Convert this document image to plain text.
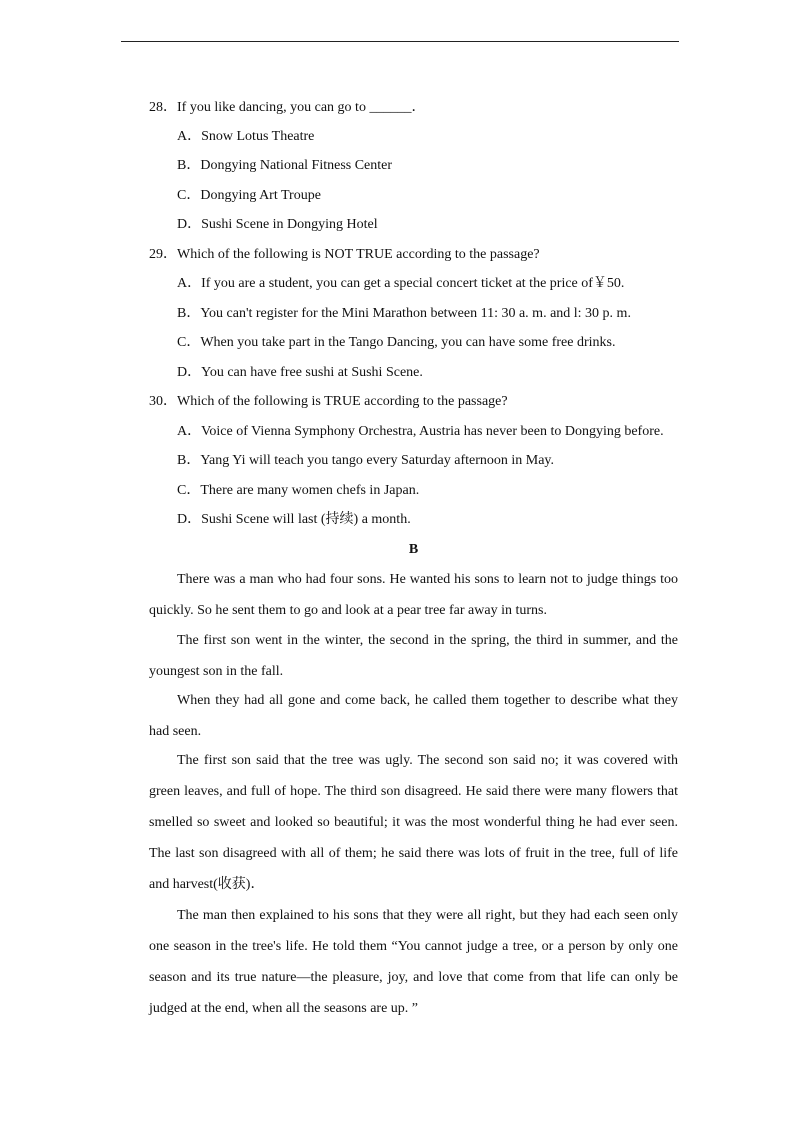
28．If you like dancing, you can go to ______．
A．Snow Lotus Theatre
B．Dongying National Fitness Center
C．Dongying Art Troupe
D．Sushi Scene in Dongying Hotel
29．Which of the following is NOT TRUE according to the passage?
A．If you are a student, you can get a special concert ticket at the price of￥50.
B．You can't register for the Mini Marathon between 11: 30 a. m. and l: 30 p. m.
C．When you take part in the Tango Dancing, you can have some free drinks.
D．You can have free sushi at Sushi Scene.
30．Which of the following is TRUE according to the passage?
A．Voice of Vienna Symphony Orchestra, Austria has never been to Dongying before.
B．Yang Yi will teach you tango every Saturday afternoon in May.
C．There are many women chefs in Japan.
D．Sushi Scene will last (持续) a month.
B
There was a man who had four sons. He wanted his sons to learn not to judge things too quickly. So he sent them to go and look at a pear tree far away in turns.
The first son went in the winter, the second in the spring, the third in summer, and the youngest son in the fall.
When they had all gone and come back, he called them together to describe what they had seen.
The first son said that the tree was ugly. The second son said no; it was covered with green leaves, and full of hope. The third son disagreed. He said there were many flowers that smelled so sweet and looked so beautiful; it was the most wonderful thing he had ever seen. The last son disagreed with all of them; he said there was lots of fruit in the tree, full of life and harvest(收获)．
The man then explained to his sons that they were all right, but they had each seen only one season in the tree's life. He told them “You cannot judge a tree, or a person by only one season and its true nature—the pleasure, joy, and love that come from that life can only be judged at the end, when all the seasons are up. ”
